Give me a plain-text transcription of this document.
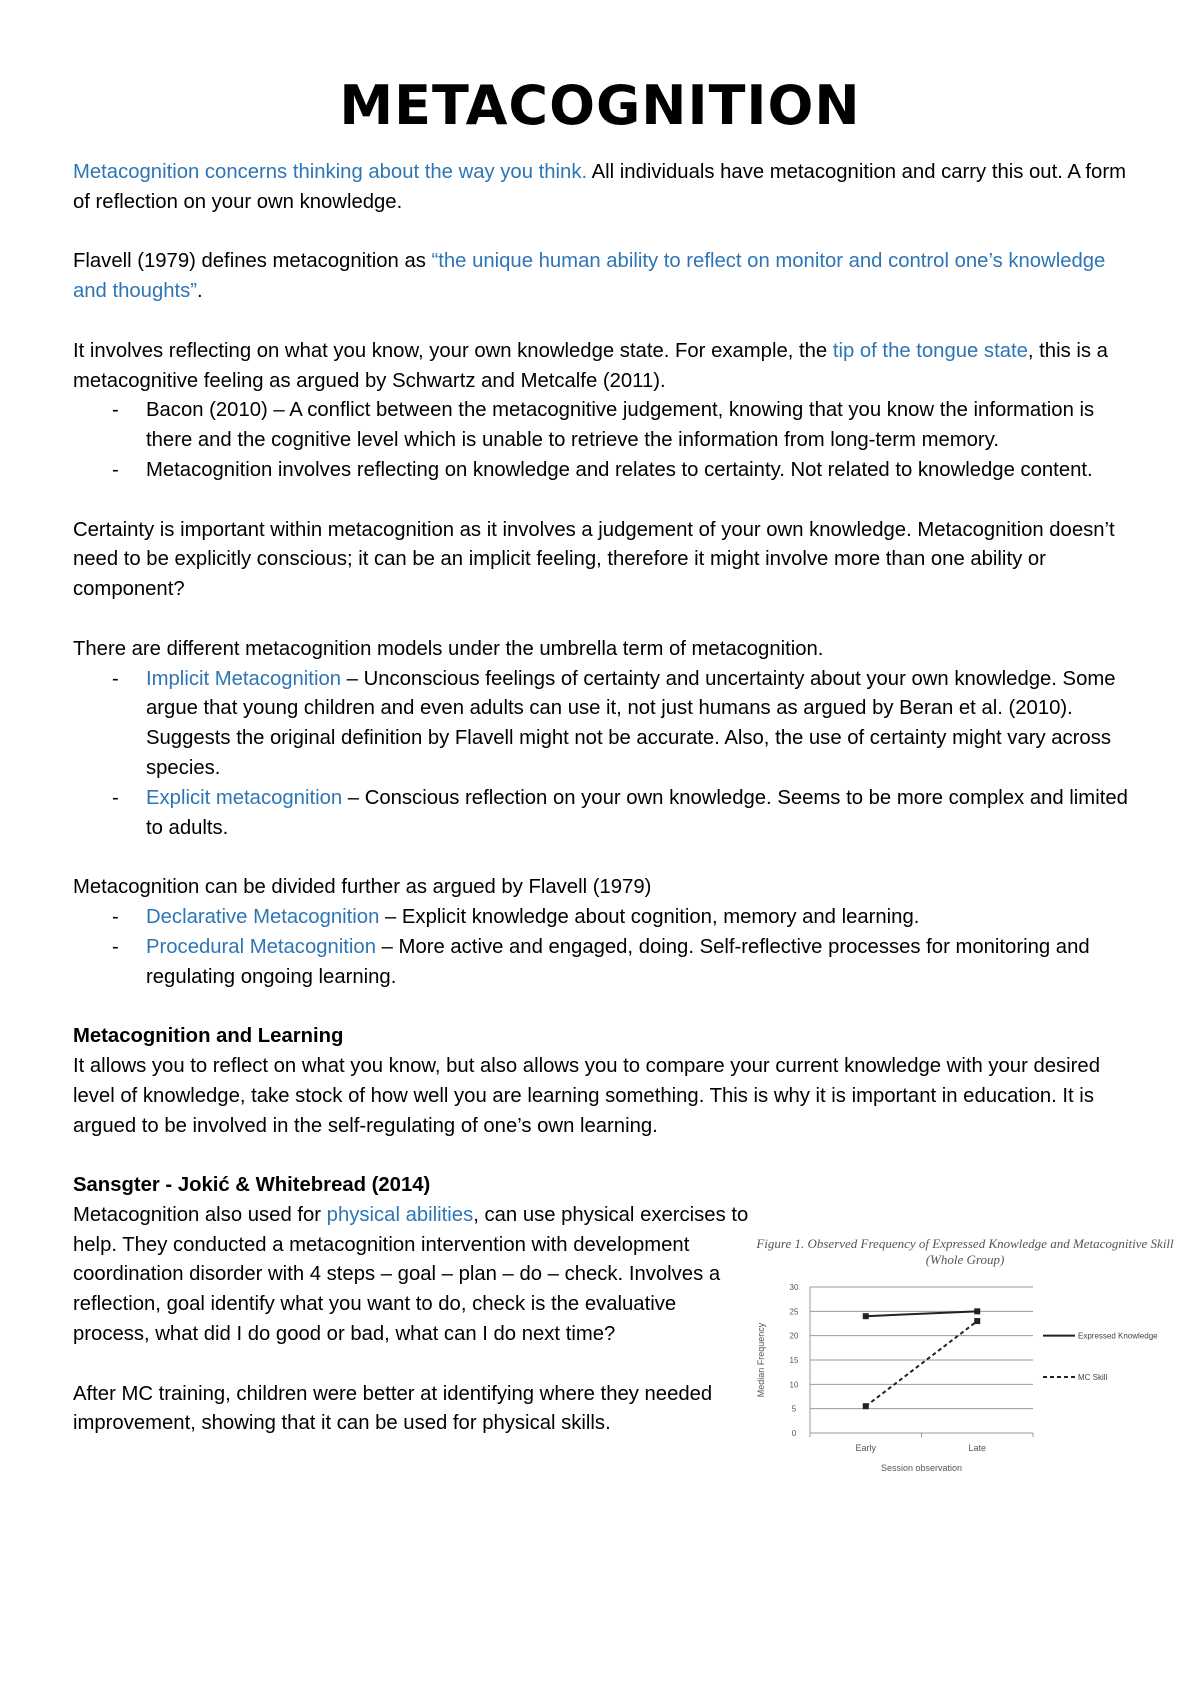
METACOGNITION

Metacognition concerns thinking about the way you think. All individuals have metacognition and carry this out. A form of reflection on your own knowledge.

Flavell (1979) defines metacognition as “the unique human ability to reflect on monitor and control one’s knowledge and thoughts”.

It involves reflecting on what you know, your own knowledge state. For example, the tip of the tongue state, this is a metacognitive feeling as argued by Schwartz and Metcalfe (2011).

- Bacon (2010) – A conflict between the metacognitive judgement, knowing that you know the information is there and the cognitive level which is unable to retrieve the information from long-term memory.
- Metacognition involves reflecting on knowledge and relates to certainty. Not related to knowledge content.

Certainty is important within metacognition as it involves a judgement of your own knowledge. Metacognition doesn’t need to be explicitly conscious; it can be an implicit feeling, therefore it might involve more than one ability or component?

There are different metacognition models under the umbrella term of metacognition.

- Implicit Metacognition – Unconscious feelings of certainty and uncertainty about your own knowledge. Some argue that young children and even adults can use it, not just humans as argued by Beran et al. (2010). Suggests the original definition by Flavell might not be accurate. Also, the use of certainty might vary across species.
- Explicit metacognition – Conscious reflection on your own knowledge. Seems to be more complex and limited to adults.

Metacognition can be divided further as argued by Flavell (1979)

- Declarative Metacognition – Explicit knowledge about cognition, memory and learning.
- Procedural Metacognition – More active and engaged, doing. Self-reflective processes for monitoring and regulating ongoing learning.
Metacognition and Learning

It allows you to reflect on what you know, but also allows you to compare your current knowledge with your desired level of knowledge, take stock of how well you are learning something. This is why it is important in education. It is argued to be involved in the self-regulating of one’s own learning.

Sansgter - Jokić & Whitebread (2014)

Metacognition also used for physical abilities, can use physical exercises to help. They conducted a metacognition intervention with development coordination disorder with 4 steps – goal – plan – do – check. Involves a reflection, goal identify what you want to do, check is the evaluative process, what did I do good or bad, what can I do next time?

After MC training, children were better at identifying where they needed improvement, showing that it can be used for physical skills.

Figure 1. Observed Frequency of Expressed Knowledge and Metacognitive Skill
(Whole Group)
0
5
10
15
20
25
30
Early	Late
Session observation
Median Frequency	Expressed Knowledge
MC Skill
